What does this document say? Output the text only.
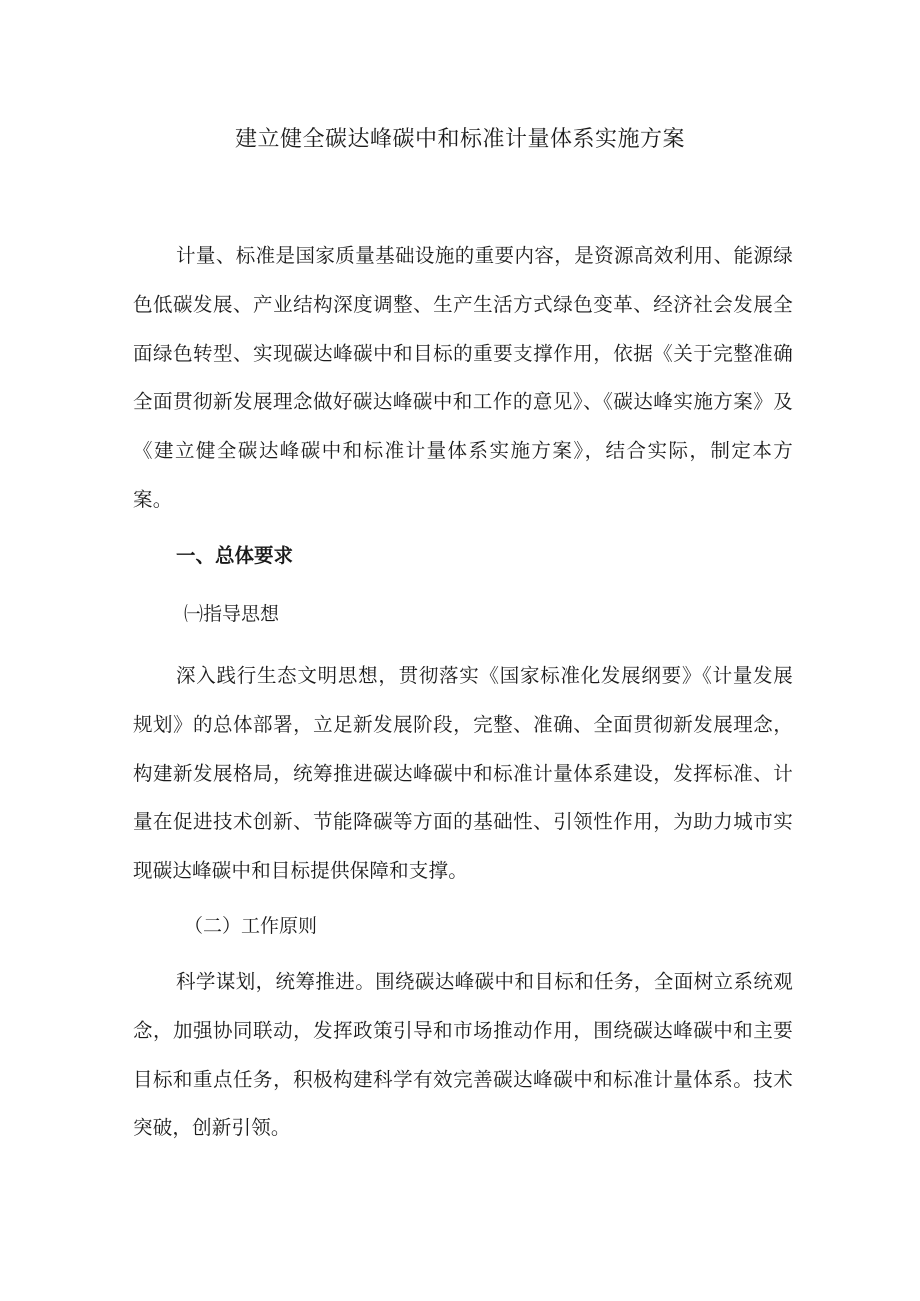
建立健全碳达峰碳中和标准计量体系实施方案

计量、标准是国家质量基础设施的重要内容，是资源高效利用、能源绿色低碳发展、产业结构深度调整、生产生活方式绿色变革、经济社会发展全面绿色转型、实现碳达峰碳中和目标的重要支撑作用，依据《关于完整准确全面贯彻新发展理念做好碳达峰碳中和工作的意见》、《碳达峰实施方案》及《建立健全碳达峰碳中和标准计量体系实施方案》，结合实际，制定本方案。

一、总体要求
㈠指导思想

深入践行生态文明思想，贯彻落实《国家标准化发展纲要》《计量发展规划》的总体部署，立足新发展阶段，完整、准确、全面贯彻新发展理念，构建新发展格局，统筹推进碳达峰碳中和标准计量体系建设，发挥标准、计量在促进技术创新、节能降碳等方面的基础性、引领性作用，为助力城市实现碳达峰碳中和目标提供保障和支撑。

（二）工作原则

科学谋划，统筹推进。围绕碳达峰碳中和目标和任务，全面树立系统观念，加强协同联动，发挥政策引导和市场推动作用，围绕碳达峰碳中和主要目标和重点任务，积极构建科学有效完善碳达峰碳中和标准计量体系。技术突破，创新引领。
